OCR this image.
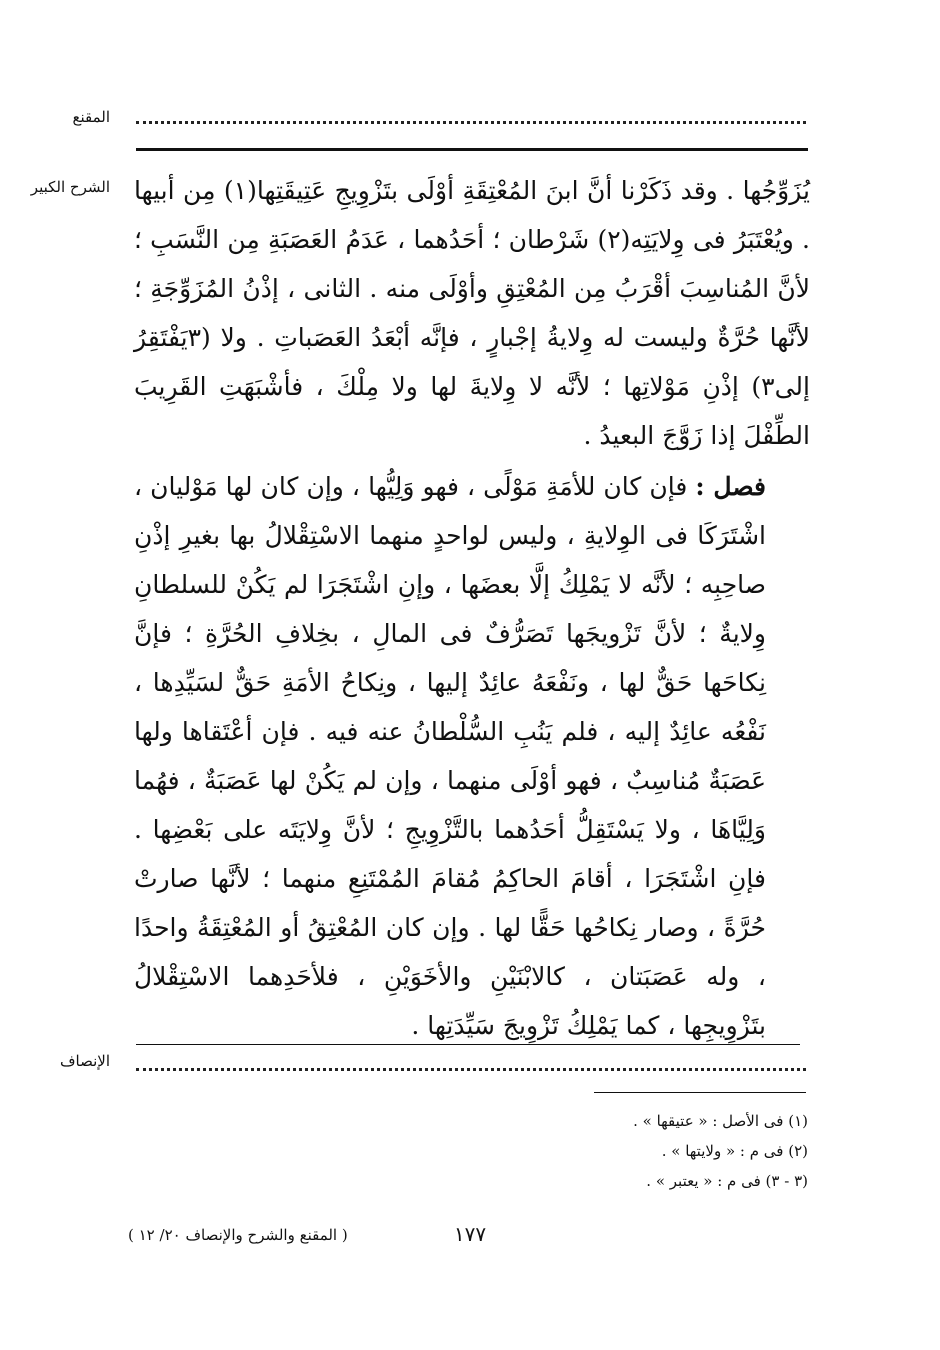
المقنع
الشرح الكبير يُزَوِّجُها . وقد ذَكَرْنا أنَّ ابنَ المُعْتِقَةِ أوْلَى بتَزْوِيجِ عَتِيقَتِها(١) مِن أبيها . ويُعْتَبَرُ فى وِلايَتِه(٢) شَرْطان ؛ أحَدُهما ، عَدَمُ العَصَبَةِ مِن النَّسَبِ ؛ لأنَّ المُناسِبَ أقْرَبُ مِن المُعْتِقِ وأوْلَى منه . الثانى ، إذْنُ المُزَوِّجَةِ ؛ لأنَّها حُرَّةٌ وليست له وِلايةُ إجْبارٍ ، فإنَّه أبْعَدُ العَصَباتِ . ولا (٣يَفْتَقِرُ إلى٣) إذْنِ مَوْلاتِها ؛ لأنَّه لا وِلايةَ لها ولا مِلْكَ ، فأشْبَهَتِ القَرِيبَ الطِّفْلَ إذا زَوَّجَ البعيدُ .

فصل : فإن كان للأمَةِ مَوْلًى ، فهو وَلِيُّها ، وإن كان لها مَوْليان ، اشْتَرَكَا فى الوِلايةِ ، وليس لواحدٍ منهما الاسْتِقْلالُ بها بغيرِ إذْنِ صاحِبِه ؛ لأنَّه لا يَمْلِكُ إلَّا بعضَها ، وإنِ اشْتَجَرَا لم يَكُنْ للسلطانِ وِلايةٌ ؛ لأنَّ تَزْويجَها تَصَرُّفٌ فى المالِ ، بخِلافِ الحُرَّةِ ؛ فإنَّ نِكاحَها حَقٌّ لها ، ونَفْعَهُ عائِدٌ إليها ، ونِكاحُ الأمَةِ حَقٌّ لسَيِّدِها ، نَفْعُه عائِدٌ إليه ، فلم يَنُبِ السُّلْطانُ عنه فيه . فإن أعْتَقاها ولها عَصَبَةٌ مُناسِبٌ ، فهو أوْلَى منهما ، وإن لم يَكُنْ لها عَصَبَةٌ ، فهُما وَلِيَّاهَا ، ولا يَسْتَقِلُّ أحَدُهما بالتَّزْوِيجِ ؛ لأنَّ وِلايَتَه على بَعْضِها . فإنِ اشْتَجَرَا ، أقامَ الحاكِمُ مُقامَ المُمْتَنِعِ منهما ؛ لأنَّها صارتْ حُرَّةً ، وصار نِكاحُها حَقًّا لها . وإن كان المُعْتِقُ أو المُعْتِقَةُ واحدًا ، وله عَصَبَتان ، كالابْنَيْنِ والأخَوَيْنِ ، فلأحَدِهما الاسْتِقْلالُ بتَزْوِيجِها ، كما يَمْلِكُ تَزْوِيجَ سَيِّدَتِها .

الإنصاف
(١) فى الأصل : « عتيقها » .
(٢) فى م : « ولايتها » .
(٣ - ٣) فى م : « يعتبر » .
١٧٧
( المقنع والشرح والإنصاف ٢٠/ ١٢ )
